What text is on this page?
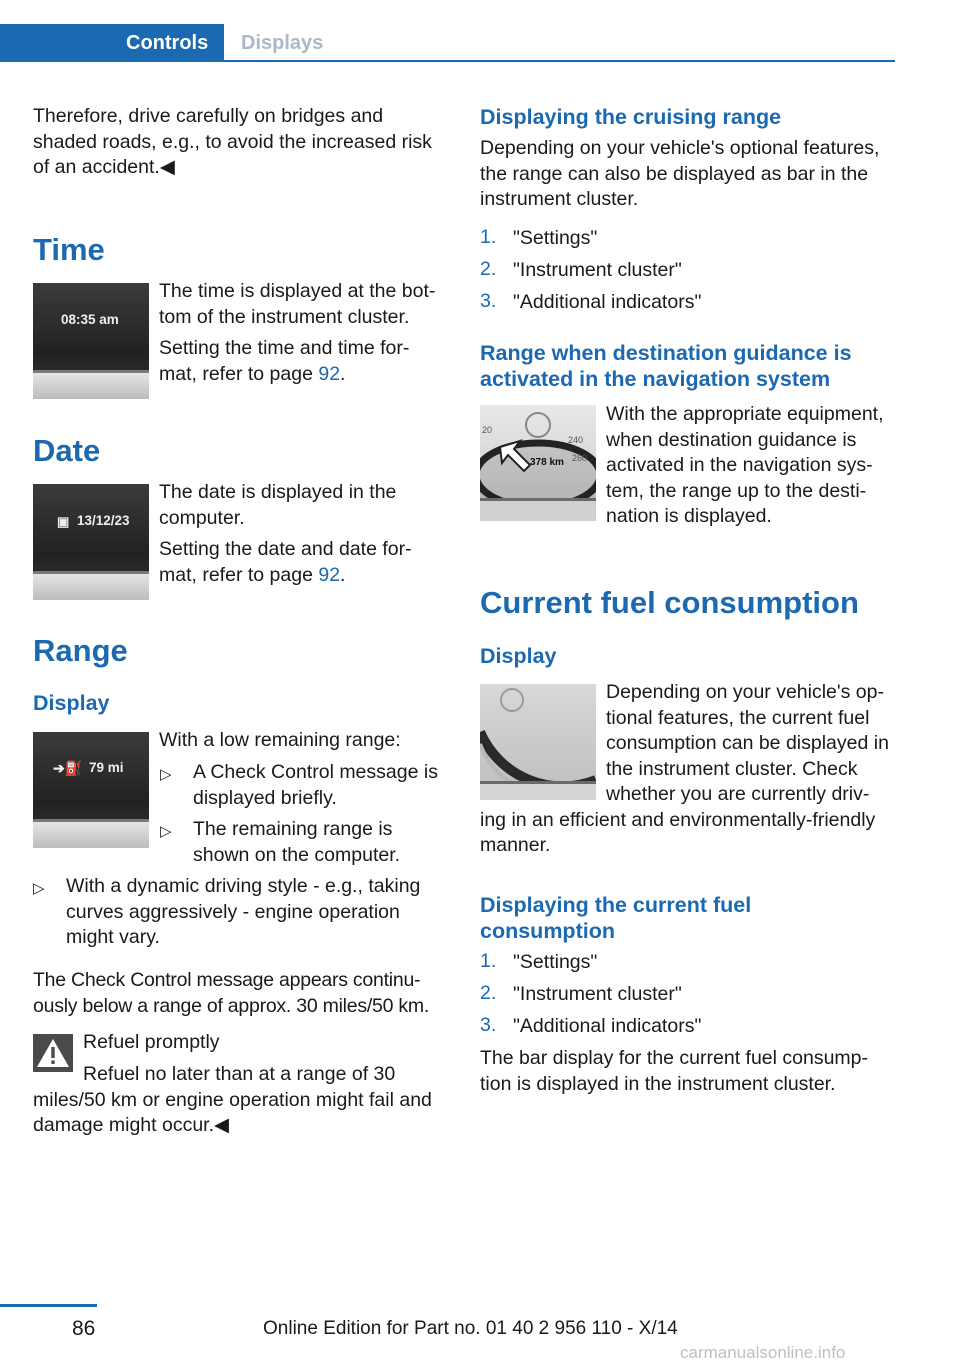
Controls	Displays

Therefore, drive carefully on bridges and shaded roads, e.g., to avoid the increased risk of an accident.◀

Time
08:35 am

The time is displayed at the bot‐ tom of the instrument cluster.

Setting the time and time for‐ mat, refer to page 92.

Date
▣ 13/12/23

The date is displayed in the computer.

Setting the date and date for‐ mat, refer to page 92.

Range
Display
➔⛽ 79 mi

With a low remaining range:

▷ A Check Control message is displayed briefly.

▷ The remaining range is shown on the computer.

▷ With a dynamic driving style - e.g., taking curves aggressively - engine operation might vary.

The Check Control message appears continu‐ ously below a range of approx. 30 miles/50 km.

Refuel promptly

Refuel no later than at a range of 30 miles/50 km or engine operation might fail and damage might occur.◀

Displaying the cruising range

Depending on your vehicle's optional features, the range can also be displayed as bar in the instrument cluster.

1. "Settings"

2. "Instrument cluster"

3. "Additional indicators"

Range when destination guidance is activated in the navigation system
20
240
260
378 km

With the appropriate equipment, when destination guidance is activated in the navigation sys‐ tem, the range up to the desti‐ nation is displayed.

Current fuel consumption
Display

Depending on your vehicle's op‐ tional features, the current fuel consumption can be displayed in the instrument cluster. Check whether you are currently driv‐ ing in an efficient and environmentally-friendly manner.

Displaying the current fuel consumption
1. "Settings"

2. "Instrument cluster"

3. "Additional indicators"

The bar display for the current fuel consump‐ tion is displayed in the instrument cluster.

86	Online Edition for Part no. 01 40 2 956 110 - X/14
carmanualsonline.info
